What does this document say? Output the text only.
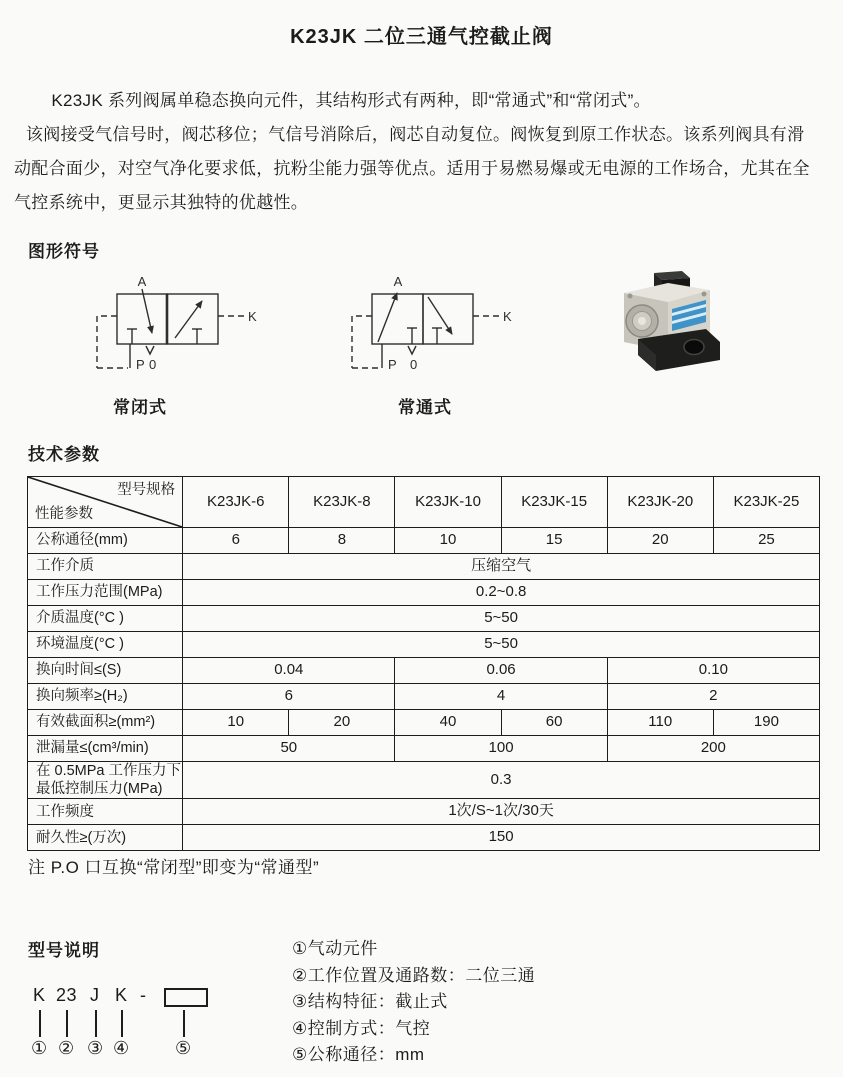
K23JK 二位三通气控截止阀

K23JK 系列阀属单稳态换向元件，其结构形式有两种，即“常通式”和“常闭式”。

该阀接受气信号时，阀芯移位；气信号消除后，阀芯自动复位。阀恢复到原工作状态。该系列阀具有滑动配合面少，对空气净化要求低，抗粉尘能力强等优点。适用于易燃易爆或无电源的工作场合，尤其在全气控系统中，更显示其独特的优越性。

图形符号
A
P 0
K
A
P 0
K
常闭式	常通式
技术参数
型号规格
性能参数	K23JK-6	K23JK-8	K23JK-10	K23JK-15	K23JK-20	K23JK-25

公称通径(mm)	6	8	10	15	20	25

工作介质	压缩空气					

工作压力范围(MPa)	0.2~0.8					

介质温度(°C )	5~50					

环境温度(°C )	5~50					

换向时间≤(S)	0.04		0.06		0.10	

换向频率≥(H₂)	6		4		2	

有效截面积≥(mm²)	10	20	40	60	110	190

泄漏量≤(cm³/min)	50		100		200	

在 0.5MPa 工作压力下
最低控制压力(MPa)	0.3					

工作频度	1次/S~1次/30天					

耐久性≥(万次)	150					
注 P.O 口互换“常闭型”即变为“常通型”
型号说明
K 23 J K -
① ② ③ ④	⑤
①气动元件
②工作位置及通路数：二位三通
③结构特征：截止式
④控制方式：气控
⑤公称通径：mm
